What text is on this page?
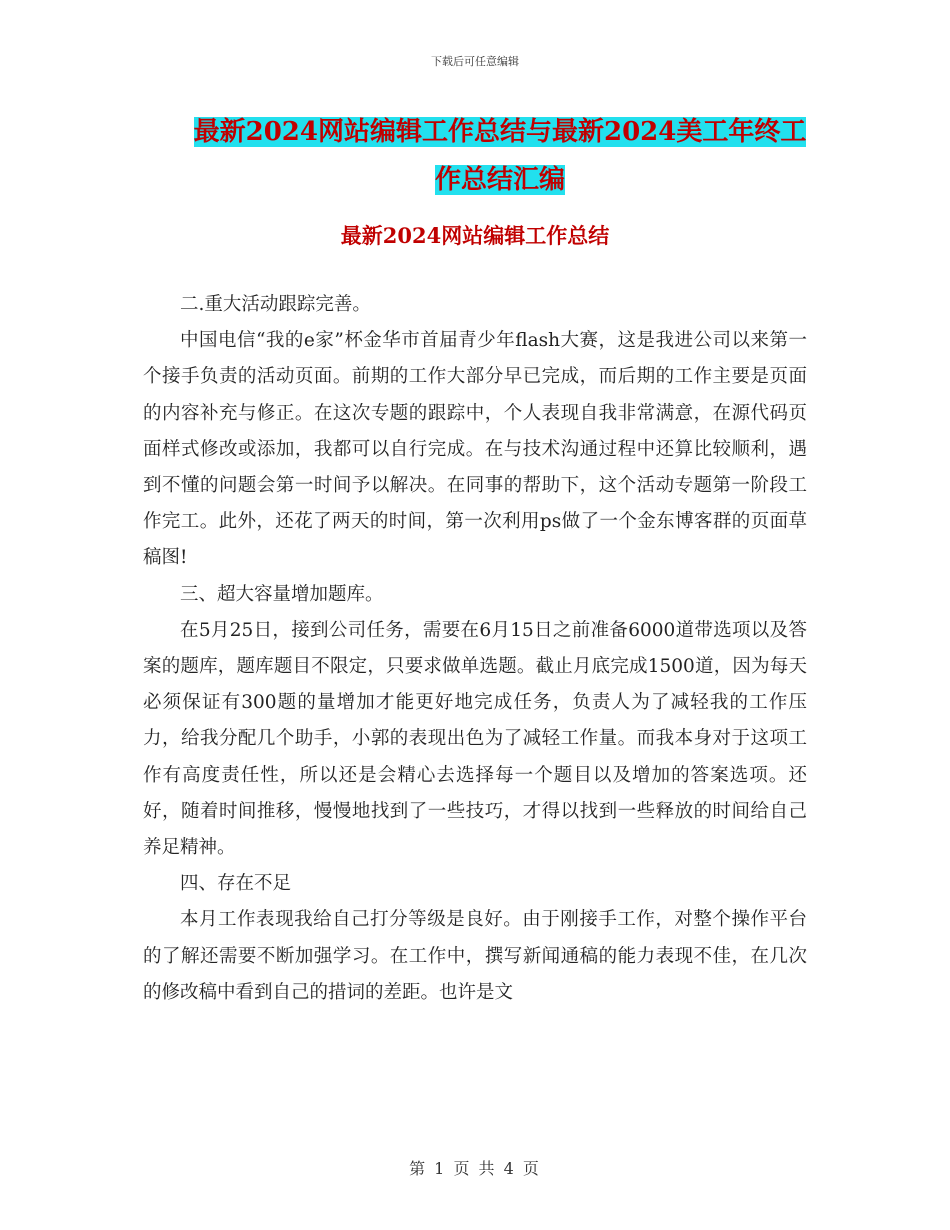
下载后可任意编辑
最新2024网站编辑工作总结与最新2024美工年终工作总结汇编
最新2024网站编辑工作总结

二.重大活动跟踪完善。

中国电信“我的e家”杯金华市首届青少年flash大赛，这是我进公司以来第一个接手负责的活动页面。前期的工作大部分早已完成，而后期的工作主要是页面的内容补充与修正。在这次专题的跟踪中，个人表现自我非常满意，在源代码页面样式修改或添加，我都可以自行完成。在与技术沟通过程中还算比较顺利，遇到不懂的问题会第一时间予以解决。在同事的帮助下，这个活动专题第一阶段工作完工。此外，还花了两天的时间，第一次利用ps做了一个金东博客群的页面草稿图!

三、超大容量增加题库。

在5月25日，接到公司任务，需要在6月15日之前准备6000道带选项以及答案的题库，题库题目不限定，只要求做单选题。截止月底完成1500道，因为每天必须保证有300题的量增加才能更好地完成任务，负责人为了减轻我的工作压力，给我分配几个助手，小郭的表现出色为了减轻工作量。而我本身对于这项工作有高度责任性，所以还是会精心去选择每一个题目以及增加的答案选项。还好，随着时间推移，慢慢地找到了一些技巧，才得以找到一些释放的时间给自己养足精神。

四、存在不足

本月工作表现我给自己打分等级是良好。由于刚接手工作，对整个操作平台的了解还需要不断加强学习。在工作中，撰写新闻通稿的能力表现不佳，在几次的修改稿中看到自己的措词的差距。也许是文

第 1 页 共 4 页
